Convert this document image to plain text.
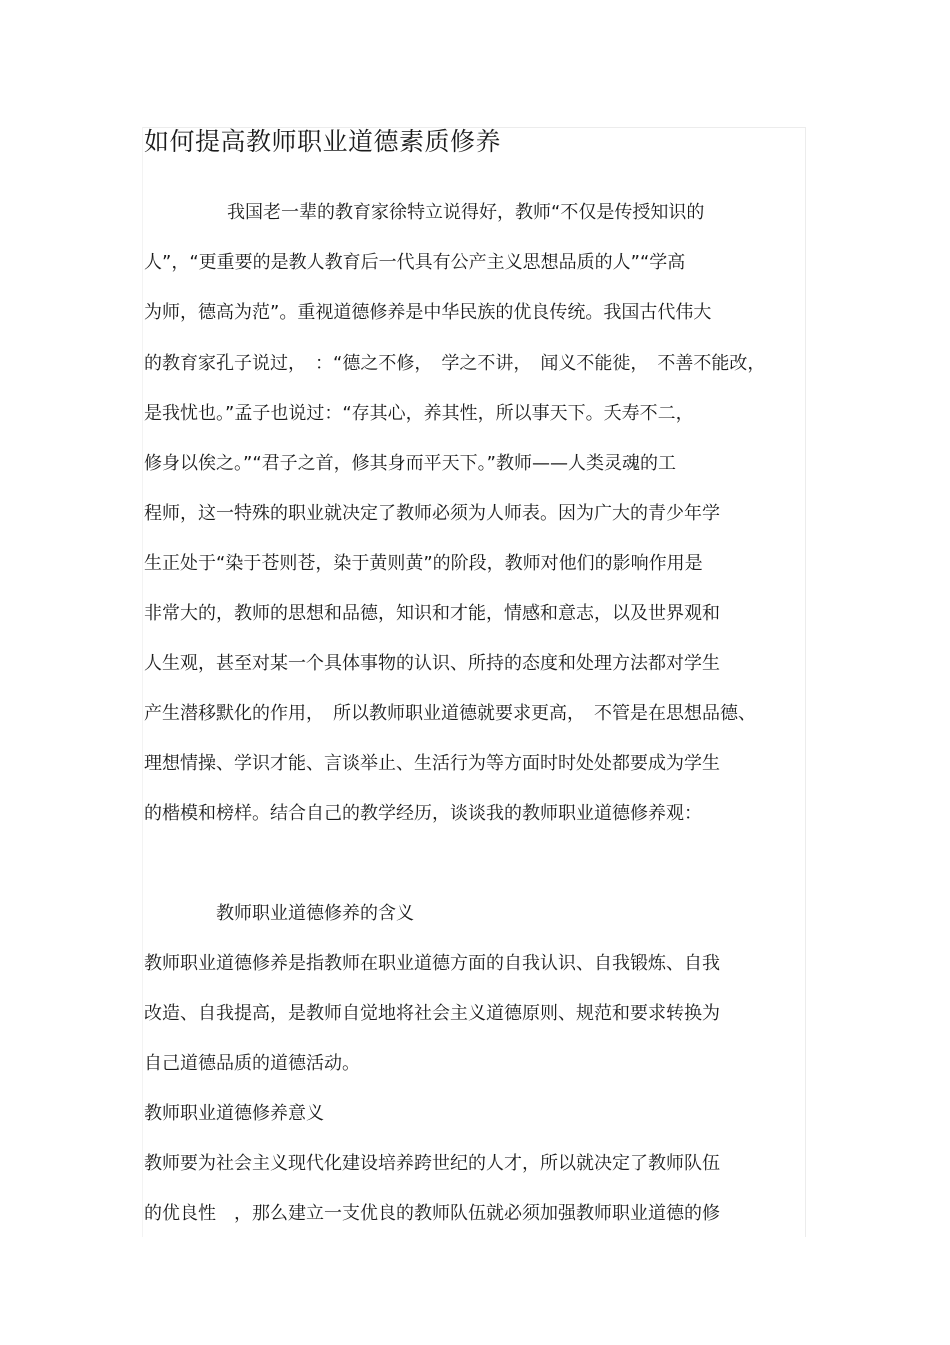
如何提高教师职业道德素质修养
我国老一辈的教育家徐特立说得好，教师“不仅是传授知识的
人”，“更重要的是教人教育后一代具有公产主义思想品质的人”“学高
为师，德高为范”。重视道德修养是中华民族的优良传统。我国古代伟大
的教育家孔子说过，　：“德之不修，　学之不讲，　闻义不能徙，　不善不能改，
是我忧也。”孟子也说过：“存其心，养其性，所以事天下。夭寿不二，
修身以俟之。”“君子之首，修其身而平天下。”教师——人类灵魂的工
程师，这一特殊的职业就决定了教师必须为人师表。因为广大的青少年学
生正处于“染于苍则苍，染于黄则黄”的阶段，教师对他们的影响作用是
非常大的，教师的思想和品德，知识和才能，情感和意志，以及世界观和
人生观，甚至对某一个具体事物的认识、所持的态度和处理方法都对学生
产生潜移默化的作用，　所以教师职业道德就要求更高，　不管是在思想品德、
理想情操、学识才能、言谈举止、生活行为等方面时时处处都要成为学生
的楷模和榜样。结合自己的教学经历，谈谈我的教师职业道德修养观：
教师职业道德修养的含义
教师职业道德修养是指教师在职业道德方面的自我认识、自我锻炼、自我
改造、自我提高，是教师自觉地将社会主义道德原则、规范和要求转换为
自己道德品质的道德活动。
教师职业道德修养意义
教师要为社会主义现代化建设培养跨世纪的人才，所以就决定了教师队伍
的优良性　，那么建立一支优良的教师队伍就必须加强教师职业道德的修
